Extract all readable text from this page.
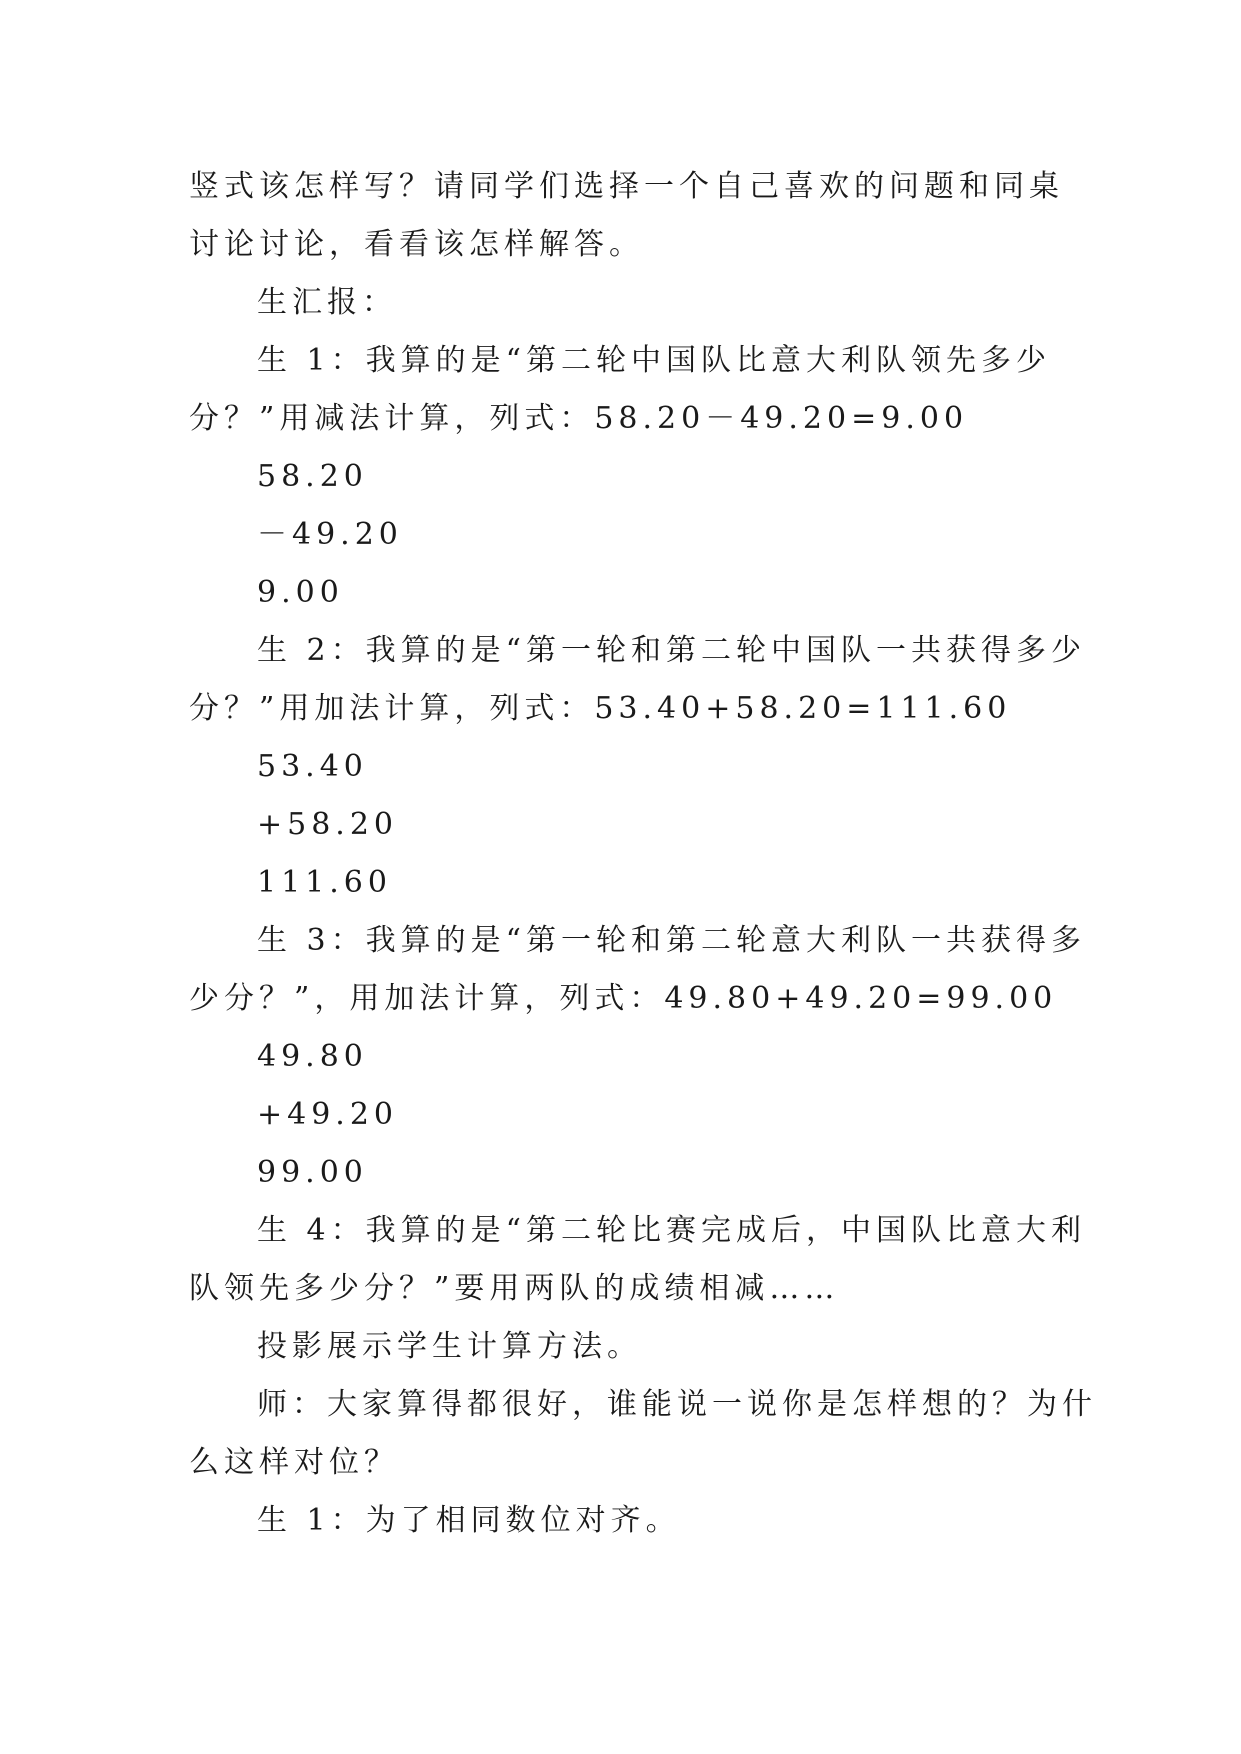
竖式该怎样写？请同学们选择一个自己喜欢的问题和同桌
讨论讨论，看看该怎样解答。
生汇报：
生 1：我算的是“第二轮中国队比意大利队领先多少
分？”用减法计算，列式：58.20－49.20=9.00
58.20
－49.20
9.00
生 2：我算的是“第一轮和第二轮中国队一共获得多少
分？”用加法计算，列式：53.40+58.20=111.60
53.40
+58.20
111.60
生 3：我算的是“第一轮和第二轮意大利队一共获得多
少分？”，用加法计算，列式：49.80+49.20=99.00
49.80
+49.20
99.00
生 4：我算的是“第二轮比赛完成后，中国队比意大利
队领先多少分？”要用两队的成绩相减……
投影展示学生计算方法。
师：大家算得都很好，谁能说一说你是怎样想的？为什
么这样对位？
生 1：为了相同数位对齐。
